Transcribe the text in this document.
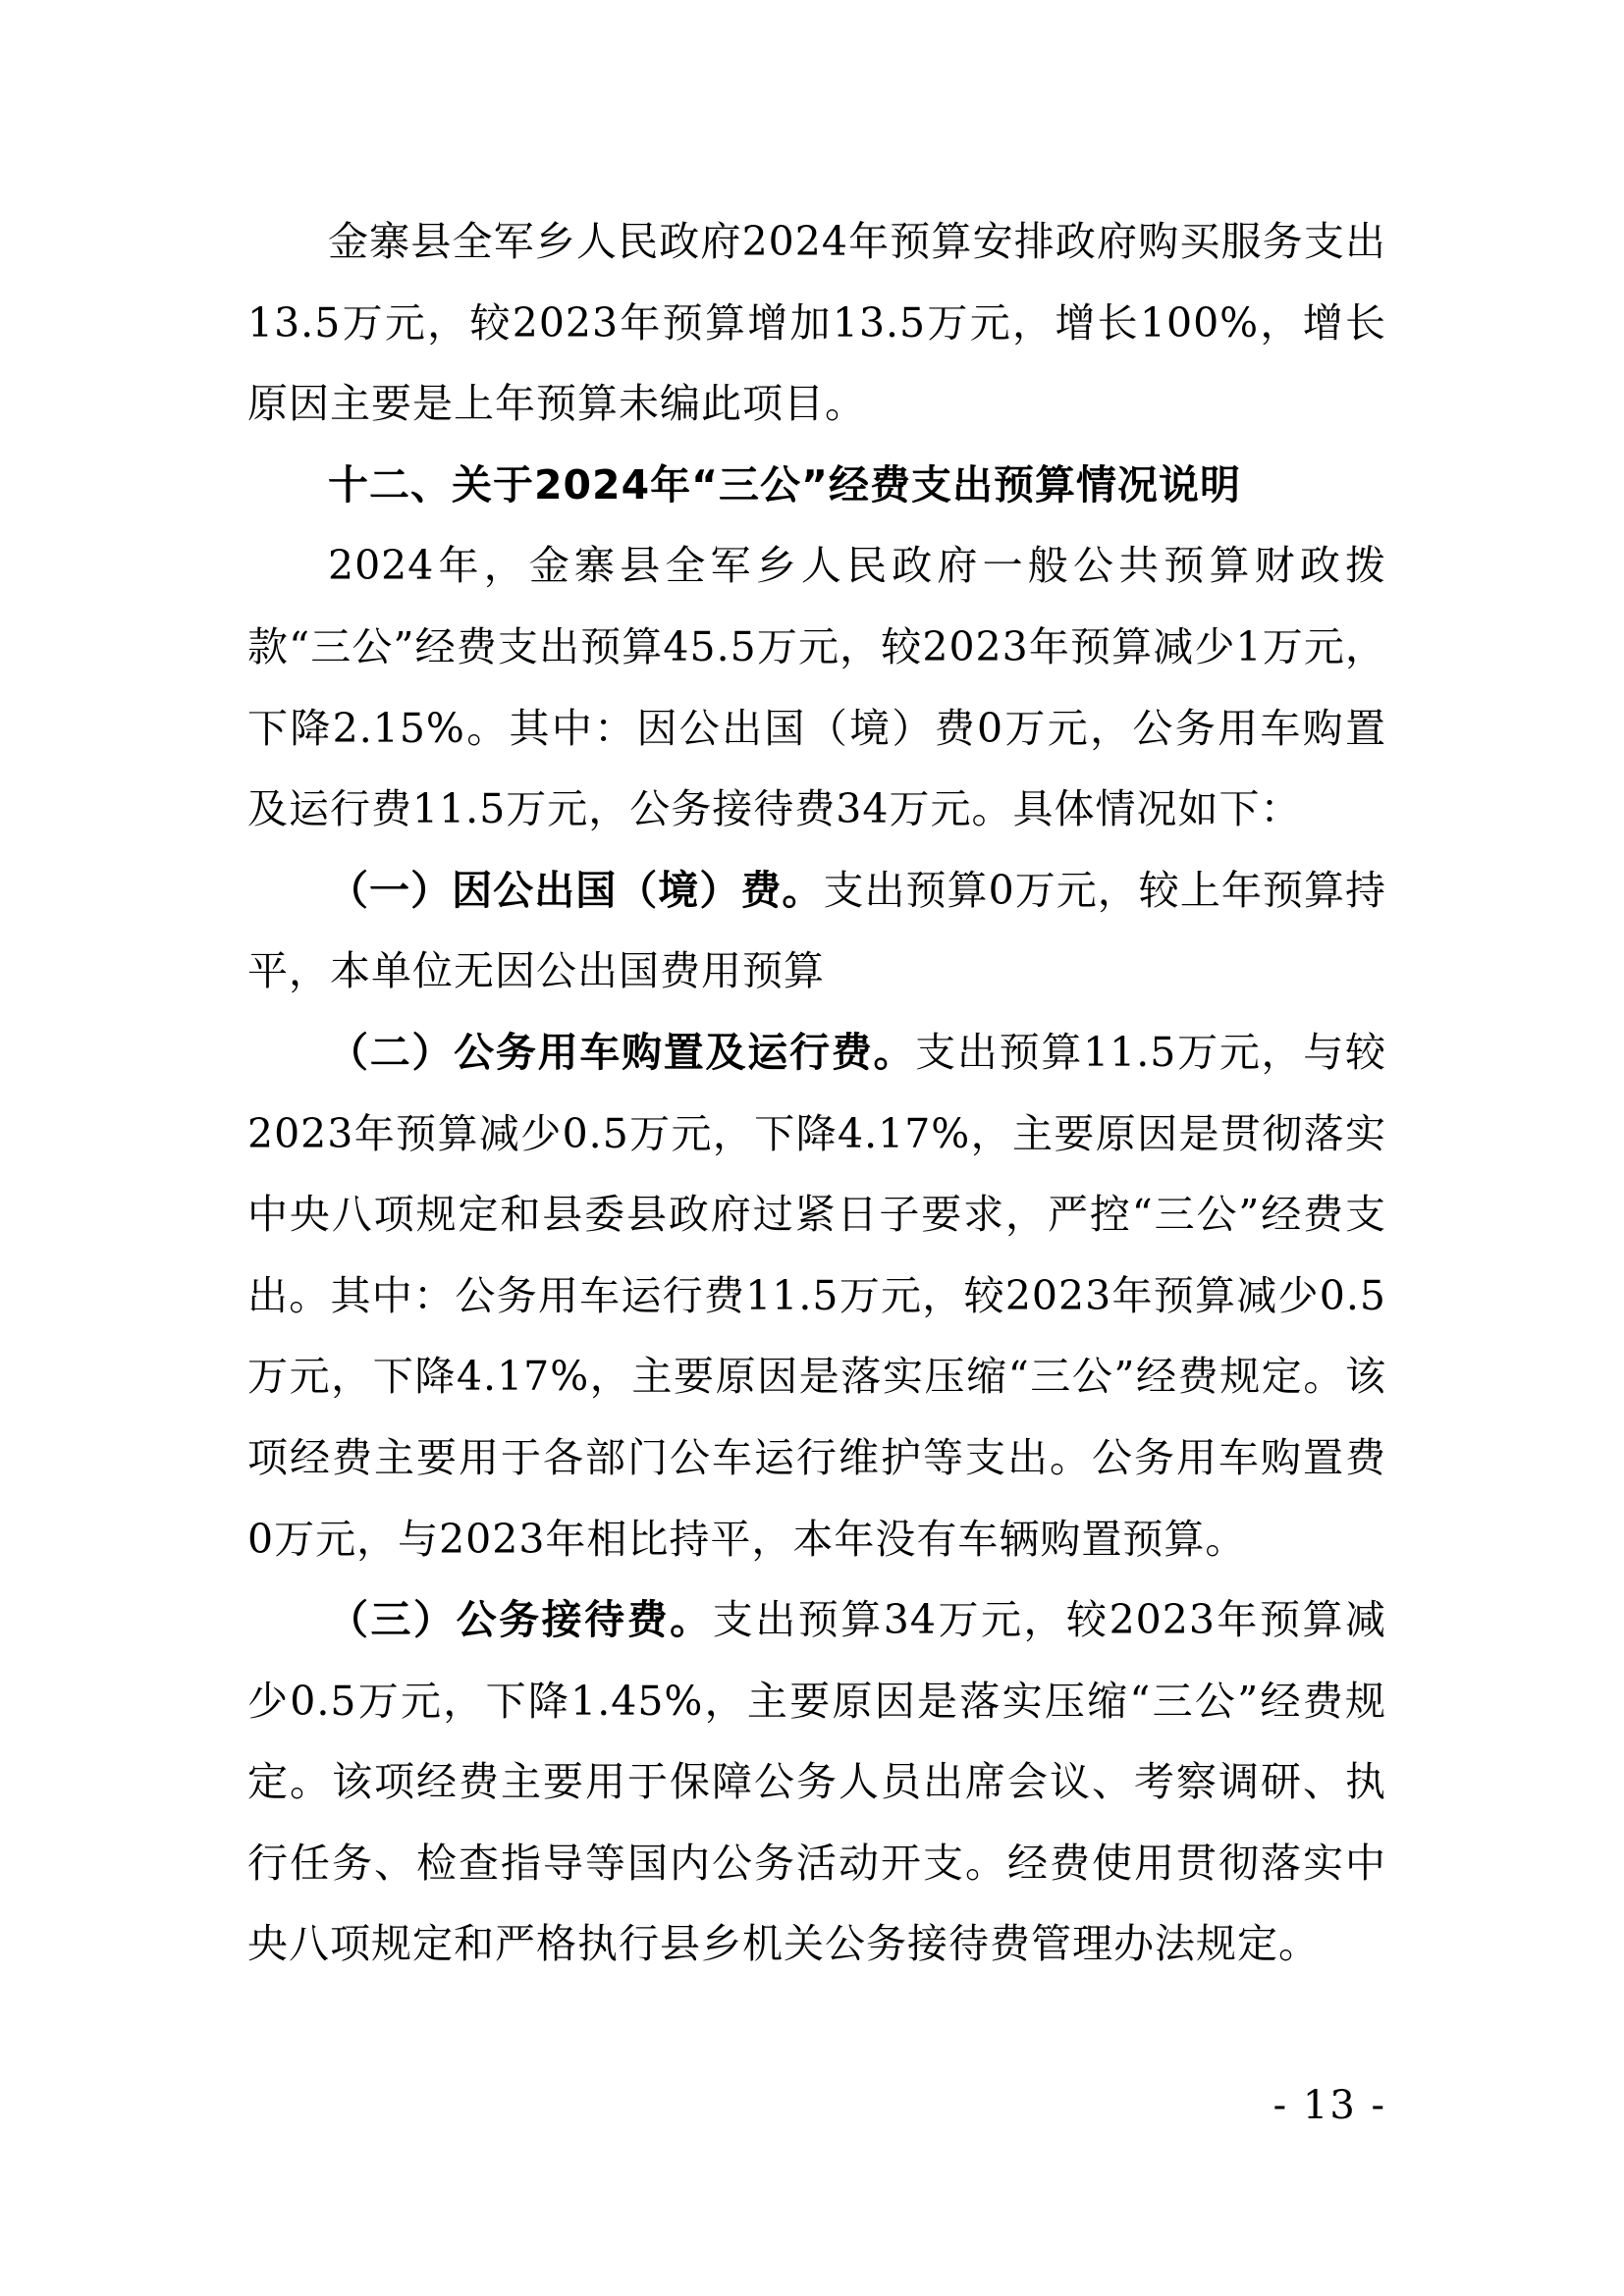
金寨县全军乡人民政府2024年预算安排政府购买服务支出13.5万元，较2023年预算增加13.5万元，增长100%，增长原因主要是上年预算未编此项目。

十二、关于2024年“三公”经费支出预算情况说明

2024年，金寨县全军乡人民政府一般公共预算财政拨款“三公”经费支出预算45.5万元，较2023年预算减少1万元，下降2.15%。其中：因公出国（境）费0万元，公务用车购置及运行费11.5万元，公务接待费34万元。具体情况如下：

（一）因公出国（境）费。支出预算0万元，较上年预算持平，本单位无因公出国费用预算

（二）公务用车购置及运行费。支出预算11.5万元，与较2023年预算减少0.5万元，下降4.17%，主要原因是贯彻落实中央八项规定和县委县政府过紧日子要求，严控“三公”经费支出。其中：公务用车运行费11.5万元，较2023年预算减少0.5万元，下降4.17%，主要原因是落实压缩“三公”经费规定。该项经费主要用于各部门公车运行维护等支出。公务用车购置费0万元，与2023年相比持平，本年没有车辆购置预算。

（三）公务接待费。支出预算34万元，较2023年预算减少0.5万元，下降1.45%，主要原因是落实压缩“三公”经费规定。该项经费主要用于保障公务人员出席会议、考察调研、执行任务、检查指导等国内公务活动开支。经费使用贯彻落实中央八项规定和严格执行县乡机关公务接待费管理办法规定。

- 13 -
